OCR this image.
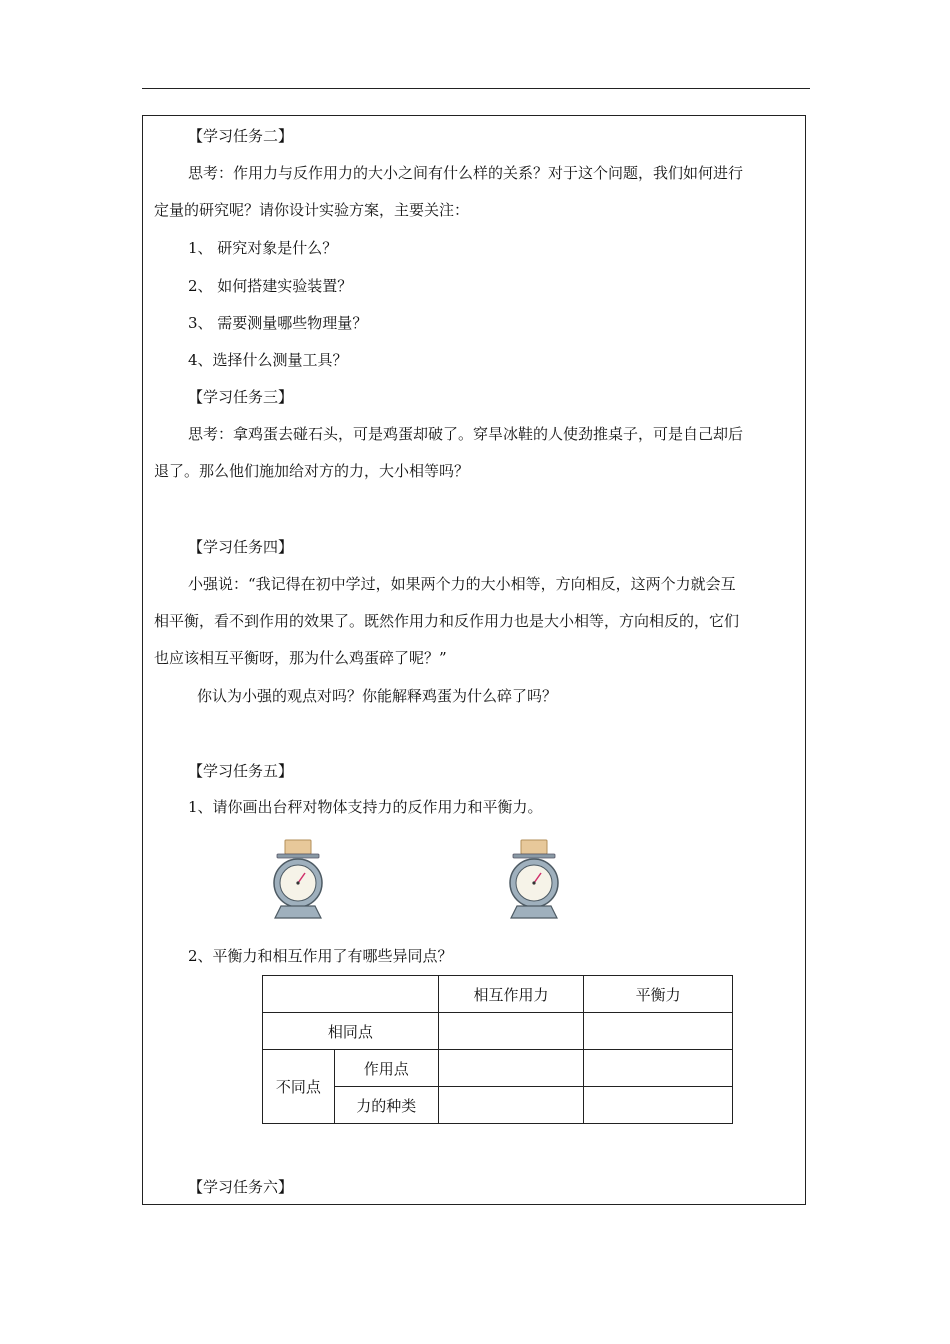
【学习任务二】
思考：作用力与反作用力的大小之间有什么样的关系？对于这个问题，我们如何进行
定量的研究呢？请你设计实验方案，主要关注：
1、 研究对象是什么？
2、 如何搭建实验装置？
3、 需要测量哪些物理量？
4、选择什么测量工具？
【学习任务三】
思考：拿鸡蛋去碰石头，可是鸡蛋却破了。穿旱冰鞋的人使劲推桌子，可是自己却后
退了。那么他们施加给对方的力，大小相等吗？
【学习任务四】
小强说：“我记得在初中学过，如果两个力的大小相等，方向相反，这两个力就会互
相平衡，看不到作用的效果了。既然作用力和反作用力也是大小相等，方向相反的，它们
也应该相互平衡呀，那为什么鸡蛋碎了呢？”
你认为小强的观点对吗？你能解释鸡蛋为什么碎了吗？
【学习任务五】
1、请你画出台秤对物体支持力的反作用力和平衡力。
2、平衡力和相互作用了有哪些异同点？
		相互作用力	平衡力
相同点			
不同点	作用点		
	力的种类		
【学习任务六】
